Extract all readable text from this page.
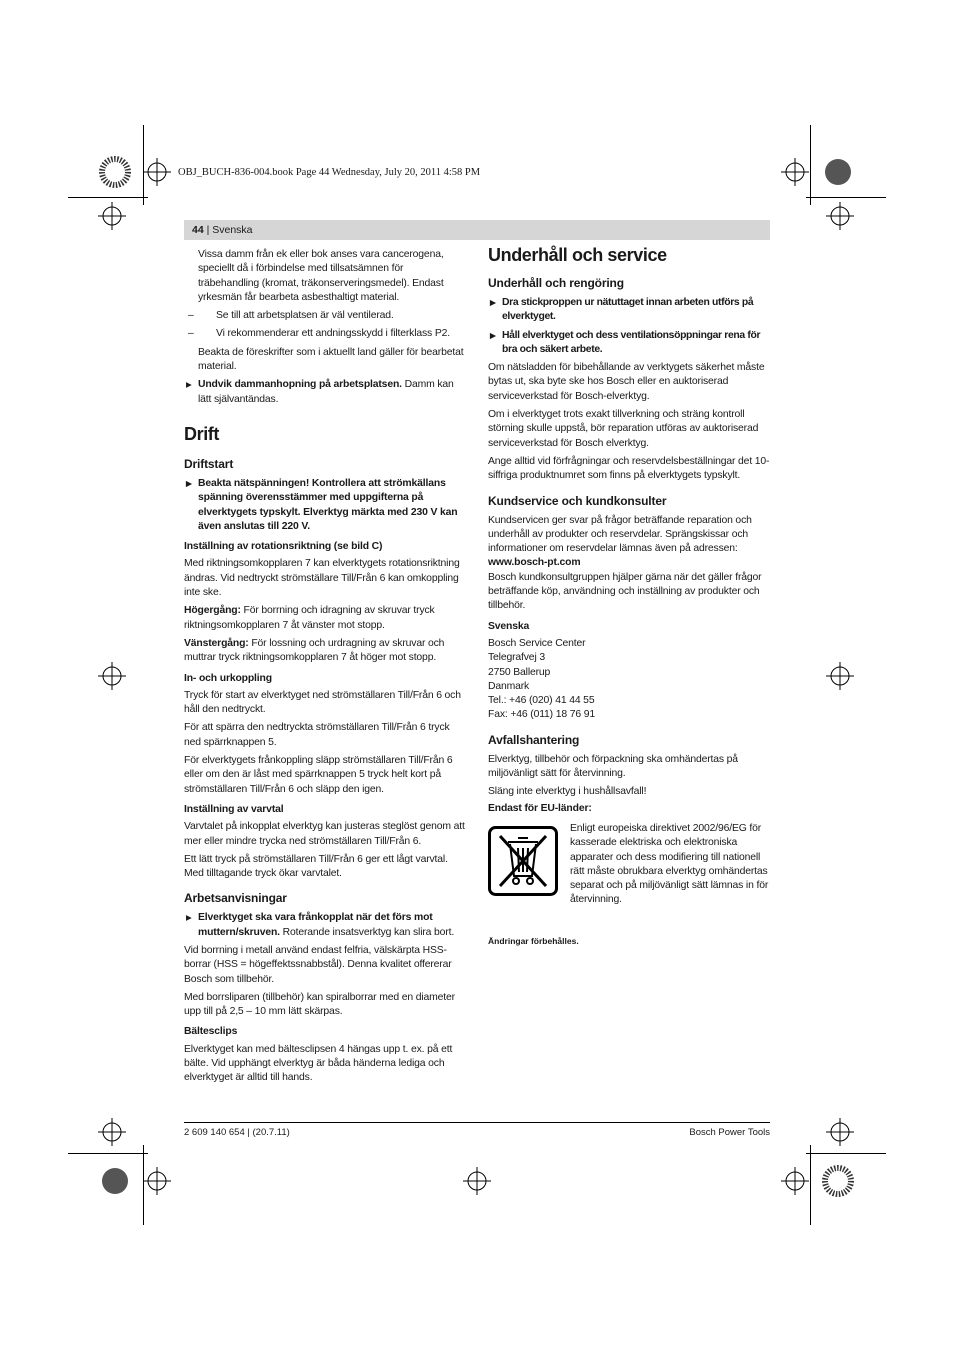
OBJ_BUCH-836-004.book Page 44 Wednesday, July 20, 2011 4:58 PM
44 | Svenska

Vissa damm från ek eller bok anses vara cancerogena, speciellt då i förbindelse med tillsatsämnen för träbehandling (kromat, träkonserveringsmedel). Endast yrkesmän får bearbeta asbesthaltigt material.

– Se till att arbetsplatsen är väl ventilerad.

– Vi rekommenderar ett andningsskydd i filterklass P2.

Beakta de föreskrifter som i aktuellt land gäller för bearbetat material.

▶ Undvik dammanhopning på arbetsplatsen. Damm kan lätt självantändas.

Drift
Driftstart

▶ Beakta nätspänningen! Kontrollera att strömkällans spänning överensstämmer med uppgifterna på elverktygets typskylt. Elverktyg märkta med 230 V kan även anslutas till 220 V.

Inställning av rotationsriktning (se bild C)

Med riktningsomkopplaren 7 kan elverktygets rotationsriktning ändras. Vid nedtryckt strömställare Till/Från 6 kan omkoppling inte ske.

Högergång: För borrning och idragning av skruvar tryck riktningsomkopplaren 7 åt vänster mot stopp.

Vänstergång: För lossning och urdragning av skruvar och muttrar tryck riktningsomkopplaren 7 åt höger mot stopp.

In- och urkoppling

Tryck för start av elverktyget ned strömställaren Till/Från 6 och håll den nedtryckt.

För att spärra den nedtryckta strömställaren Till/Från 6 tryck ned spärrknappen 5.

För elverktygets frånkoppling släpp strömställaren Till/Från 6 eller om den är låst med spärrknappen 5 tryck helt kort på strömställaren Till/Från 6 och släpp den igen.

Inställning av varvtal

Varvtalet på inkopplat elverktyg kan justeras steglöst genom att mer eller mindre trycka ned strömställaren Till/Från 6.

Ett lätt tryck på strömställaren Till/Från 6 ger ett lågt varvtal. Med tilltagande tryck ökar varvtalet.

Arbetsanvisningar

▶ Elverktyget ska vara frånkopplat när det förs mot muttern/skruven. Roterande insatsverktyg kan slira bort.

Vid borrning i metall använd endast felfria, välskärpta HSS-borrar (HSS = högeffektssnabbstål). Denna kvalitet offererar Bosch som tillbehör.

Med borrsliparen (tillbehör) kan spiralborrar med en diameter upp till på 2,5 – 10 mm lätt skärpas.

Bältesclips

Elverktyget kan med bältesclipsen 4 hängas upp t. ex. på ett bälte. Vid upphängt elverktyg är båda händerna lediga och elverktyget är alltid till hands.

Underhåll och service
Underhåll och rengöring

▶ Dra stickproppen ur nätuttaget innan arbeten utförs på elverktyget.

▶ Håll elverktyget och dess ventilationsöppningar rena för bra och säkert arbete.

Om nätsladden för bibehållande av verktygets säkerhet måste bytas ut, ska byte ske hos Bosch eller en auktoriserad serviceverkstad för Bosch-elverktyg.

Om i elverktyget trots exakt tillverkning och sträng kontroll störning skulle uppstå, bör reparation utföras av auktoriserad serviceverkstad för Bosch elverktyg.

Ange alltid vid förfrågningar och reservdelsbeställningar det 10-siffriga produktnumret som finns på elverktygets typskylt.

Kundservice och kundkonsulter

Kundservicen ger svar på frågor beträffande reparation och underhåll av produkter och reservdelar. Sprängskissar och informationer om reservdelar lämnas även på adressen:

www.bosch-pt.com

Bosch kundkonsultgruppen hjälper gärna när det gäller frågor beträffande köp, användning och inställning av produkter och tillbehör.

Svenska
Bosch Service Center
Telegrafvej 3
2750 Ballerup
Danmark
Tel.: +46 (020) 41 44 55
Fax: +46 (011) 18 76 91
Avfallshantering

Elverktyg, tillbehör och förpackning ska omhändertas på miljövänligt sätt för återvinning.

Släng inte elverktyg i hushållsavfall!

Endast för EU-länder:
Enligt europeiska direktivet 2002/96/EG för kasserade elektriska och elektroniska apparater och dess modifiering till nationell rätt måste obrukbara elverktyg omhändertas separat och på miljövänligt sätt lämnas in för återvinning.
Ändringar förbehålles.
2 609 140 654 | (20.7.11)	Bosch Power Tools
